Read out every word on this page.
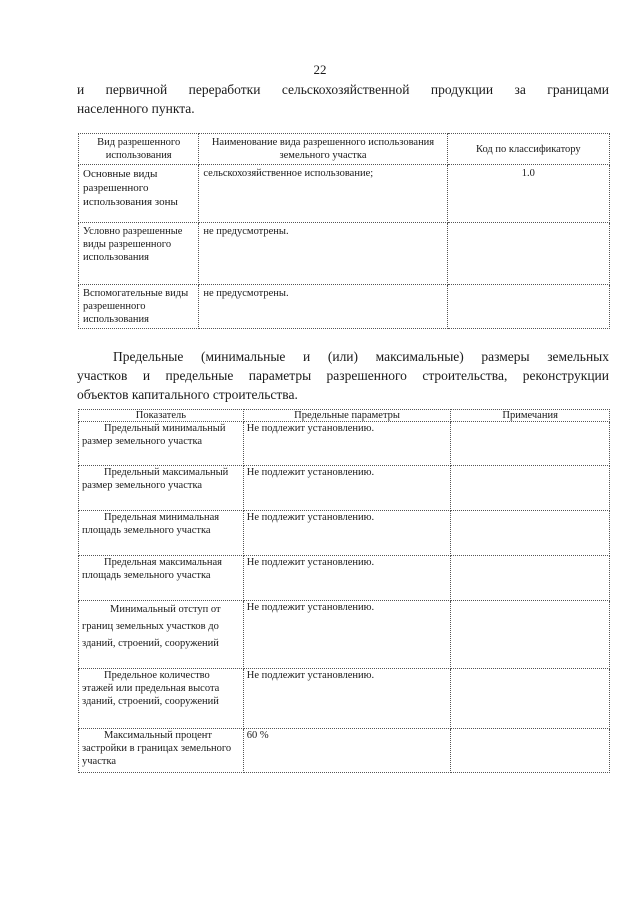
22
и первичной переработки сельскохозяйственной продукции за границами
населенного пункта.
Вид разрешенного использования	Наименование вида разрешенного использования земельного участка	Код по классификатору
Основные виды разрешенного использования зоны	сельскохозяйственное использование;	1.0
Условно разрешенные виды разрешенного использования	не предусмотрены.	
Вспомогательные виды разрешенного использования	не предусмотрены.	
Предельные (минимальные и (или) максимальные) размеры земельных
участков и предельные параметры разрешенного строительства, реконструкции
объектов капитального строительства.
Показатель	Предельные параметры	Примечания
Предельный минимальный размер земельного участка	Не подлежит установлению.	
Предельный максимальный размер земельного участка	Не подлежит установлению.	
Предельная минимальная площадь земельного участка	Не подлежит установлению.	
Предельная максимальная площадь земельного участка	Не подлежит установлению.	
Минимальный отступ от границ земельных участков до зданий, строений, сооружений	Не подлежит установлению.	
Предельное количество этажей или предельная высота зданий, строений, сооружений	Не подлежит установлению.	
Максимальный процент застройки в границах земельного участка	60 %	
